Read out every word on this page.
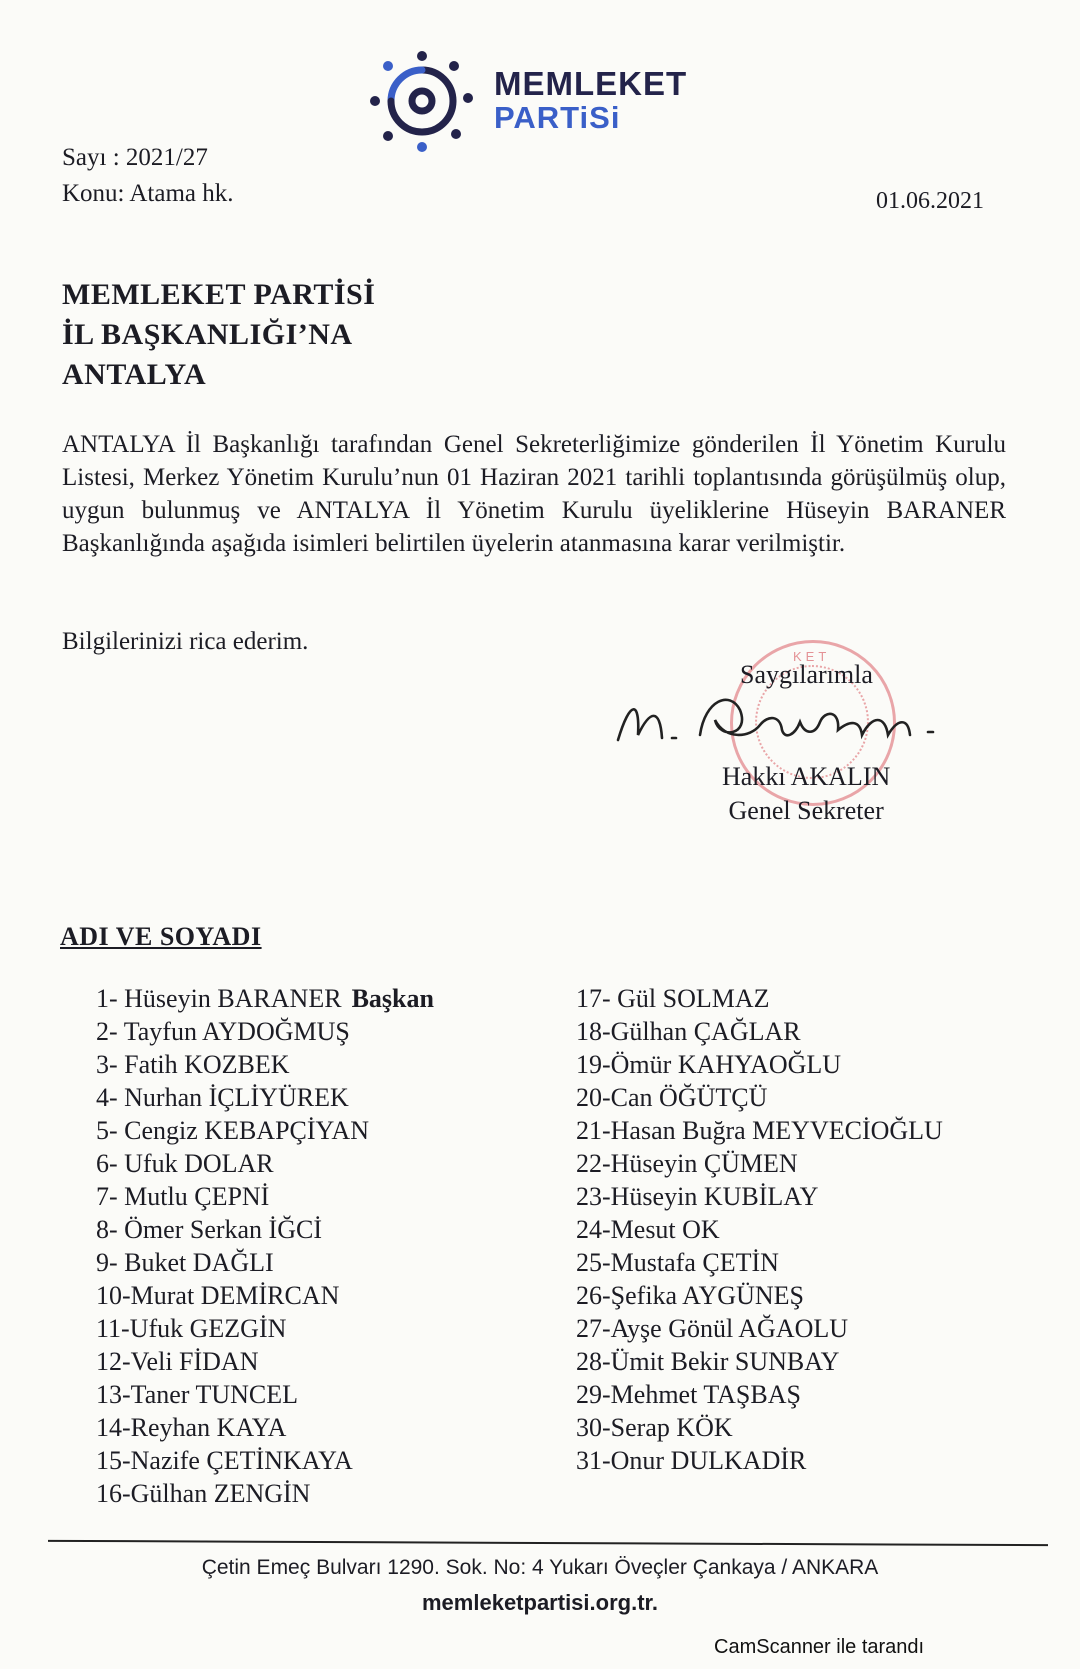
MEMLEKET
PARTiSi
Sayı : 2021/27
Konu: Atama hk.	01.06.2021
MEMLEKET PARTİSİ
İL BAŞKANLIĞI’NA
ANTALYA
ANTALYA İl Başkanlığı tarafından Genel Sekreterliğimize gönderilen İl Yönetim Kurulu Listesi, Merkez Yönetim Kurulu’nun 01 Haziran 2021 tarihli toplantısında görüşülmüş olup, uygun bulunmuş ve ANTALYA İl Yönetim Kurulu üyeliklerine Hüseyin BARANER Başkanlığında aşağıda isimleri belirtilen üyelerin atanmasına karar verilmiştir.
Bilgilerinizi rica ederim.
KET
Saygılarımla
Hakkı AKALIN
Genel Sekreter
ADI VE SOYADI
1- Hüseyin BARANER Başkan
2- Tayfun AYDOĞMUŞ
3- Fatih KOZBEK
4- Nurhan İÇLİYÜREK
5- Cengiz KEBAPÇİYAN
6- Ufuk DOLAR
7- Mutlu ÇEPNİ
8- Ömer Serkan İĞCİ
9- Buket DAĞLI
10-Murat DEMİRCAN
11-Ufuk GEZGİN
12-Veli FİDAN
13-Taner TUNCEL
14-Reyhan KAYA
15-Nazife ÇETİNKAYA
16-Gülhan ZENGİN
17- Gül SOLMAZ
18-Gülhan ÇAĞLAR
19-Ömür KAHYAOĞLU
20-Can ÖĞÜTÇÜ
21-Hasan Buğra MEYVECİOĞLU
22-Hüseyin ÇÜMEN
23-Hüseyin KUBİLAY
24-Mesut OK
25-Mustafa ÇETİN
26-Şefika AYGÜNEŞ
27-Ayşe Gönül AĞAOLU
28-Ümit Bekir SUNBAY
29-Mehmet TAŞBAŞ
30-Serap KÖK
31-Onur DULKADİR
Çetin Emeç Bulvarı 1290. Sok. No: 4 Yukarı Öveçler Çankaya / ANKARA
memleketpartisi.org.tr.
CamScanner ile tarandı
